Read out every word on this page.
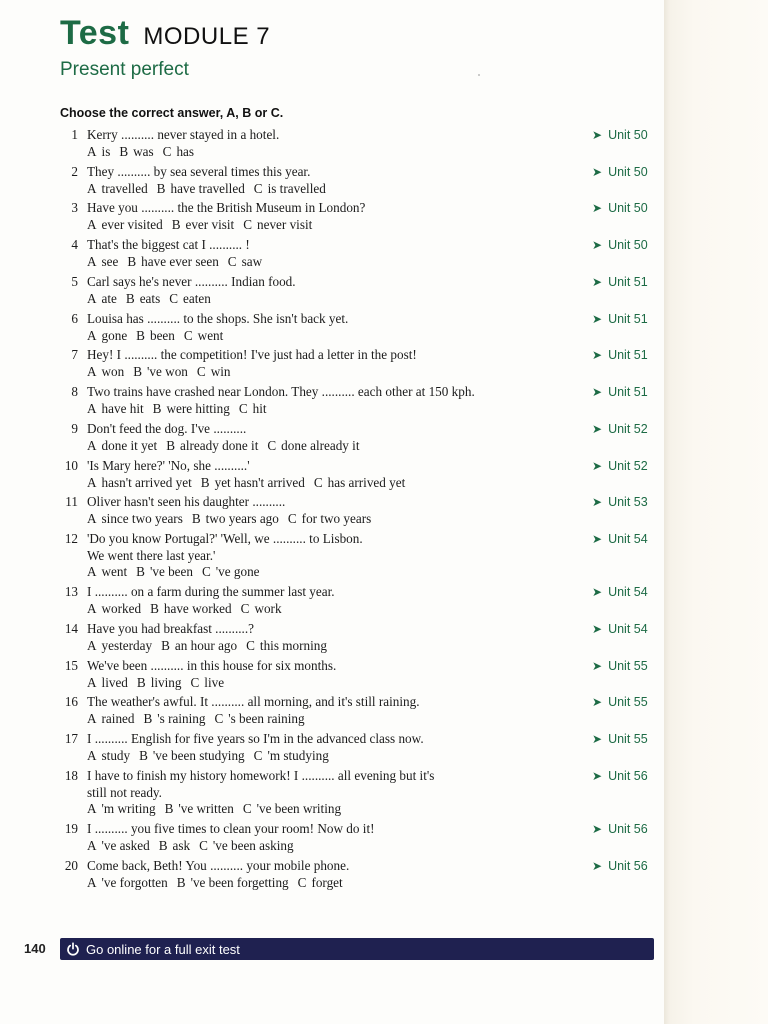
Test MODULE 7
Present perfect
Choose the correct answer, A, B or C.
1 Kerry .......... never stayed in a hotel.
A is B was C has
➤ Unit 50
2 They .......... by sea several times this year.
A travelled B have travelled C is travelled
➤ Unit 50
3 Have you .......... the the British Museum in London?
A ever visited B ever visit C never visit
➤ Unit 50
4 That's the biggest cat I .......... !
A see B have ever seen C saw
➤ Unit 50
5 Carl says he's never .......... Indian food.
A ate B eats C eaten
➤ Unit 51
6 Louisa has .......... to the shops. She isn't back yet.
A gone B been C went
➤ Unit 51
7 Hey! I .......... the competition! I've just had a letter in the post!
A won B 've won C win
➤ Unit 51
8 Two trains have crashed near London. They .......... each other at 150 kph.
A have hit B were hitting C hit
➤ Unit 51
9 Don't feed the dog. I've ..........
A done it yet B already done it C done already it
➤ Unit 52
10 'Is Mary here?' 'No, she ..........'
A hasn't arrived yet B yet hasn't arrived C has arrived yet
➤ Unit 52
11 Oliver hasn't seen his daughter ..........
A since two years B two years ago C for two years
➤ Unit 53
12 'Do you know Portugal?' 'Well, we .......... to Lisbon.
We went there last year.'
A went B 've been C 've gone
➤ Unit 54
13 I .......... on a farm during the summer last year.
A worked B have worked C work
➤ Unit 54
14 Have you had breakfast ..........?
A yesterday B an hour ago C this morning
➤ Unit 54
15 We've been .......... in this house for six months.
A lived B living C live
➤ Unit 55
16 The weather's awful. It .......... all morning, and it's still raining.
A rained B 's raining C 's been raining
➤ Unit 55
17 I .......... English for five years so I'm in the advanced class now.
A study B 've been studying C 'm studying
➤ Unit 55
18 I have to finish my history homework! I .......... all evening but it's
still not ready.
A 'm writing B 've written C 've been writing
➤ Unit 56
19 I .......... you five times to clean your room! Now do it!
A 've asked B ask C 've been asking
➤ Unit 56
20 Come back, Beth! You .......... your mobile phone.
A 've forgotten B 've been forgetting C forget
➤ Unit 56
140	Go online for a full exit test
